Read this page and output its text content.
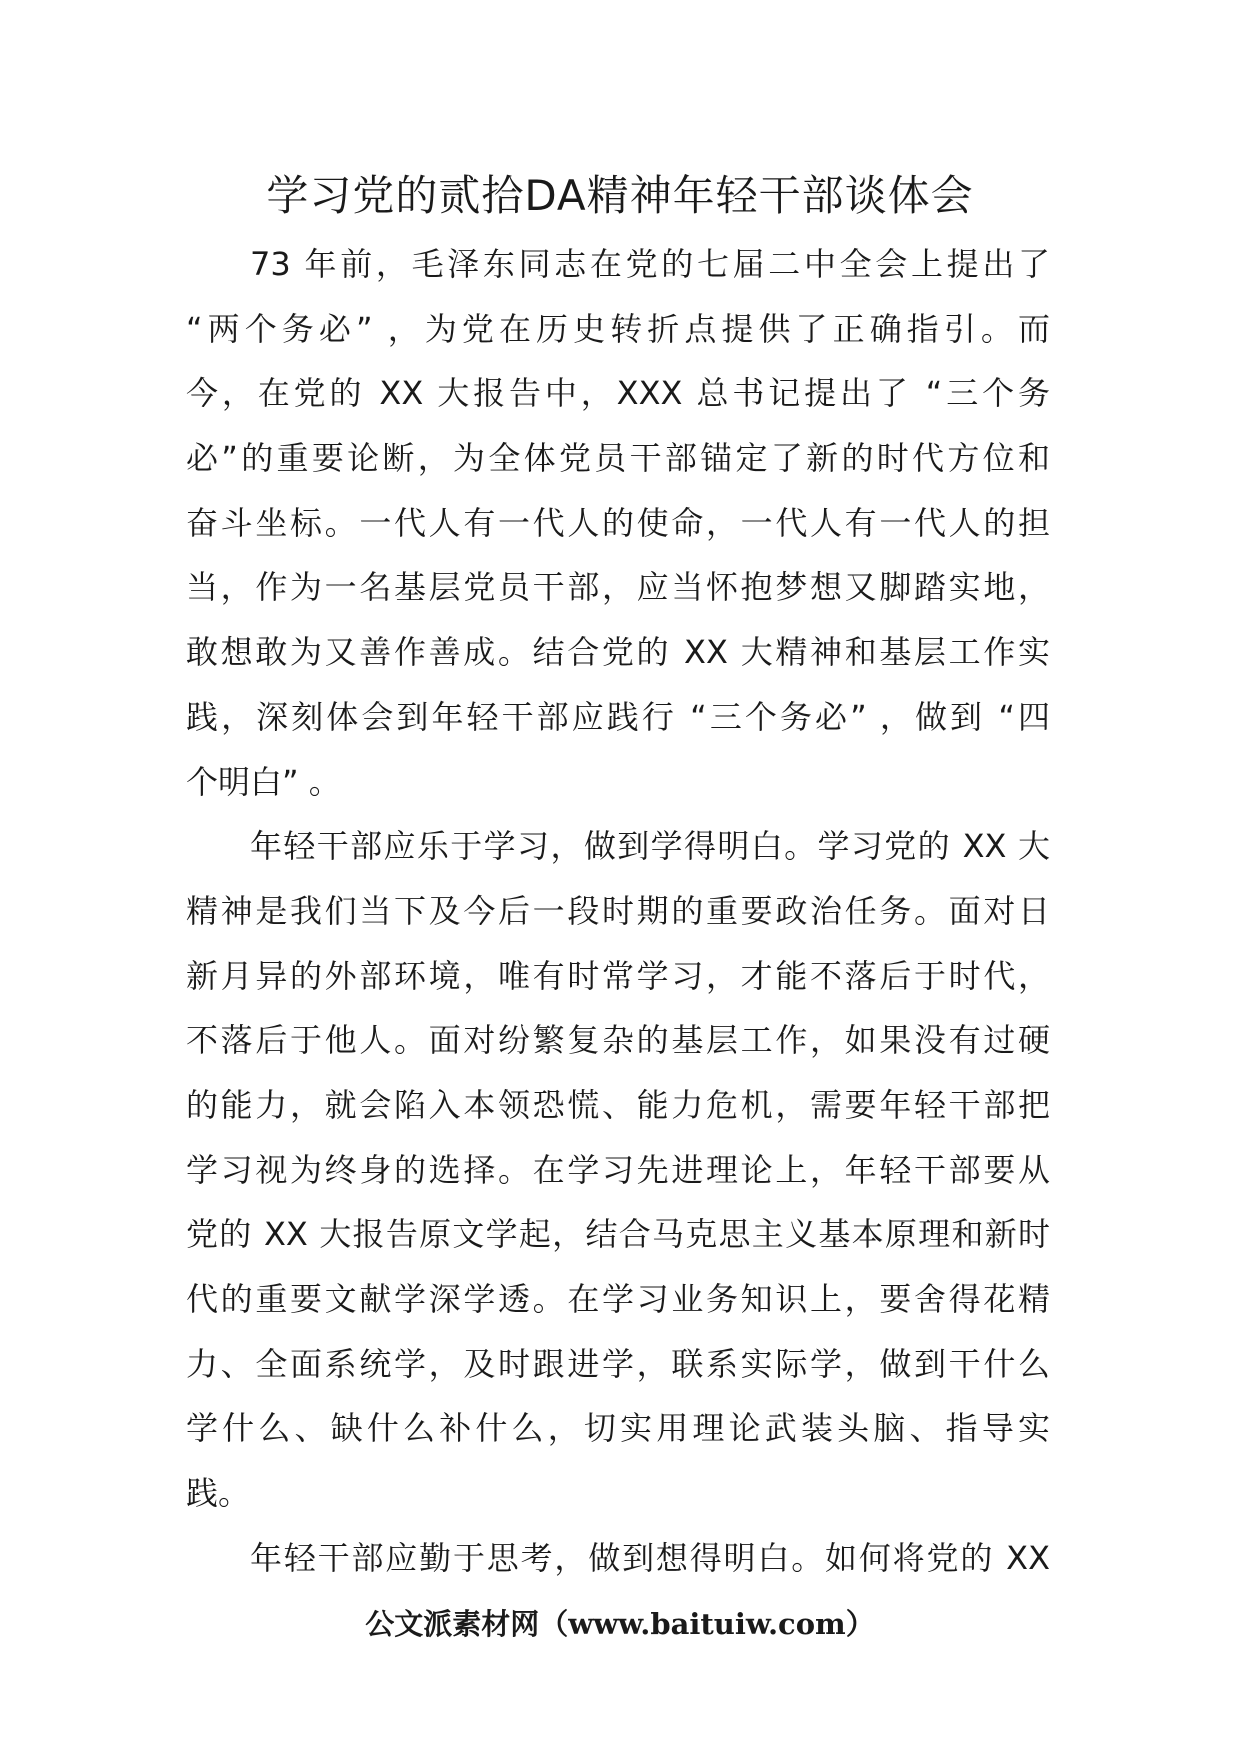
学习党的贰拾DA精神年轻干部谈体会
73 年前，毛泽东同志在党的七届二中全会上提出了
“两个务必” ，为党在历史转折点提供了正确指引。而
今，在党的 XX 大报告中，XXX 总书记提出了 “三个务
必”的重要论断，为全体党员干部锚定了新的时代方位和
奋斗坐标。一代人有一代人的使命，一代人有一代人的担
当，作为一名基层党员干部，应当怀抱梦想又脚踏实地，
敢想敢为又善作善成。结合党的 XX 大精神和基层工作实
践，深刻体会到年轻干部应践行 “三个务必” ，做到 “四
个明白” 。
年轻干部应乐于学习，做到学得明白。学习党的 XX 大
精神是我们当下及今后一段时期的重要政治任务。面对日
新月异的外部环境，唯有时常学习，才能不落后于时代，
不落后于他人。面对纷繁复杂的基层工作，如果没有过硬
的能力，就会陷入本领恐慌、能力危机，需要年轻干部把
学习视为终身的选择。在学习先进理论上，年轻干部要从
党的 XX 大报告原文学起，结合马克思主义基本原理和新时
代的重要文献学深学透。在学习业务知识上，要舍得花精
力、全面系统学，及时跟进学，联系实际学，做到干什么
学什么、缺什么补什么，切实用理论武装头脑、指导实
践。
年轻干部应勤于思考，做到想得明白。如何将党的 XX
公文派素材网（www.baituiw.com）
